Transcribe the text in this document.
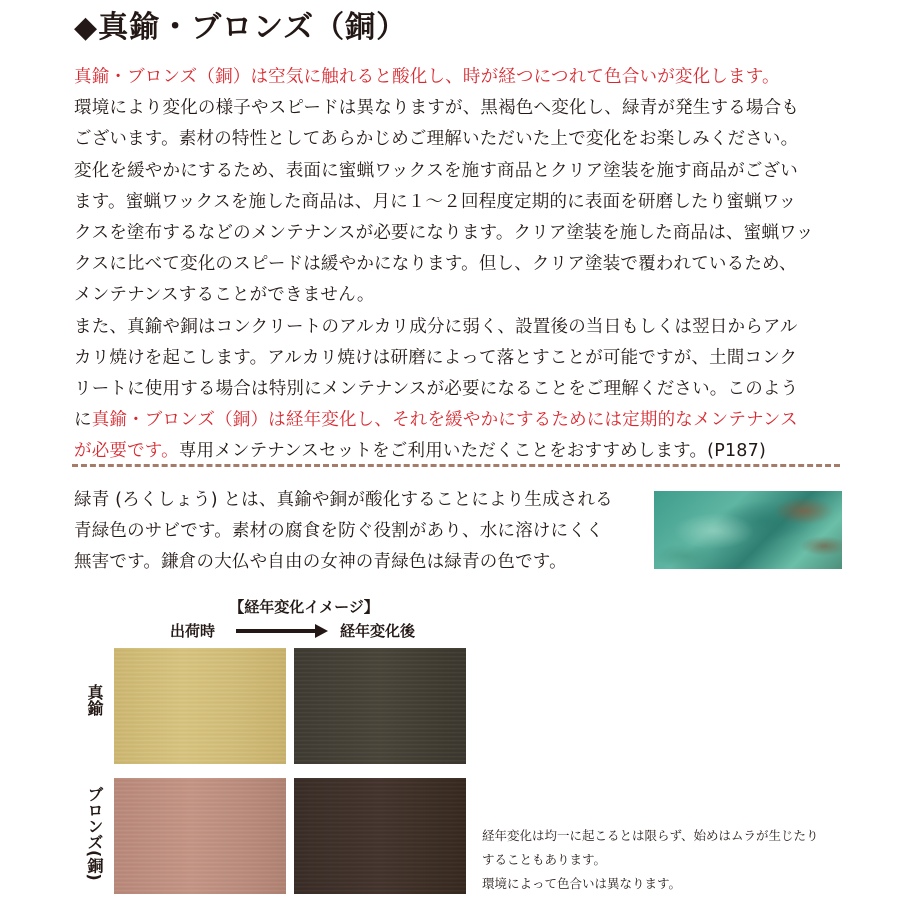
◆真鍮・ブロンズ（銅）

真鍮・ブロンズ（銅）は空気に触れると酸化し、時が経つにつれて色合いが変化します。

環境により変化の様子やスピードは異なりますが、黒褐色へ変化し、緑青が発生する場合も

ございます。素材の特性としてあらかじめご理解いただいた上で変化をお楽しみください。

変化を緩やかにするため、表面に蜜蝋ワックスを施す商品とクリア塗装を施す商品がござい

ます。蜜蝋ワックスを施した商品は、月に１～２回程度定期的に表面を研磨したり蜜蝋ワッ

クスを塗布するなどのメンテナンスが必要になります。クリア塗装を施した商品は、蜜蝋ワッ

クスに比べて変化のスピードは緩やかになります。但し、クリア塗装で覆われているため、

メンテナンスすることができません。

また、真鍮や銅はコンクリートのアルカリ成分に弱く、設置後の当日もしくは翌日からアル

カリ焼けを起こします。アルカリ焼けは研磨によって落とすことが可能ですが、土間コンク

リートに使用する場合は特別にメンテナンスが必要になることをご理解ください。このよう

に真鍮・ブロンズ（銅）は経年変化し、それを緩やかにするためには定期的なメンテナンス

が必要です。専用メンテナンスセットをご利用いただくことをおすすめします。(P187)

緑青 (ろくしょう) とは、真鍮や銅が酸化することにより生成される

青緑色のサビです。素材の腐食を防ぐ役割があり、水に溶けにくく

無害です。鎌倉の大仏や自由の女神の青緑色は緑青の色です。

【経年変化イメージ】
出荷時	経年変化後
真鍮
ブロンズ(銅)	経年変化は均一に起こるとは限らず、始めはムラが生じたり

することもあります。

環境によって色合いは異なります。
